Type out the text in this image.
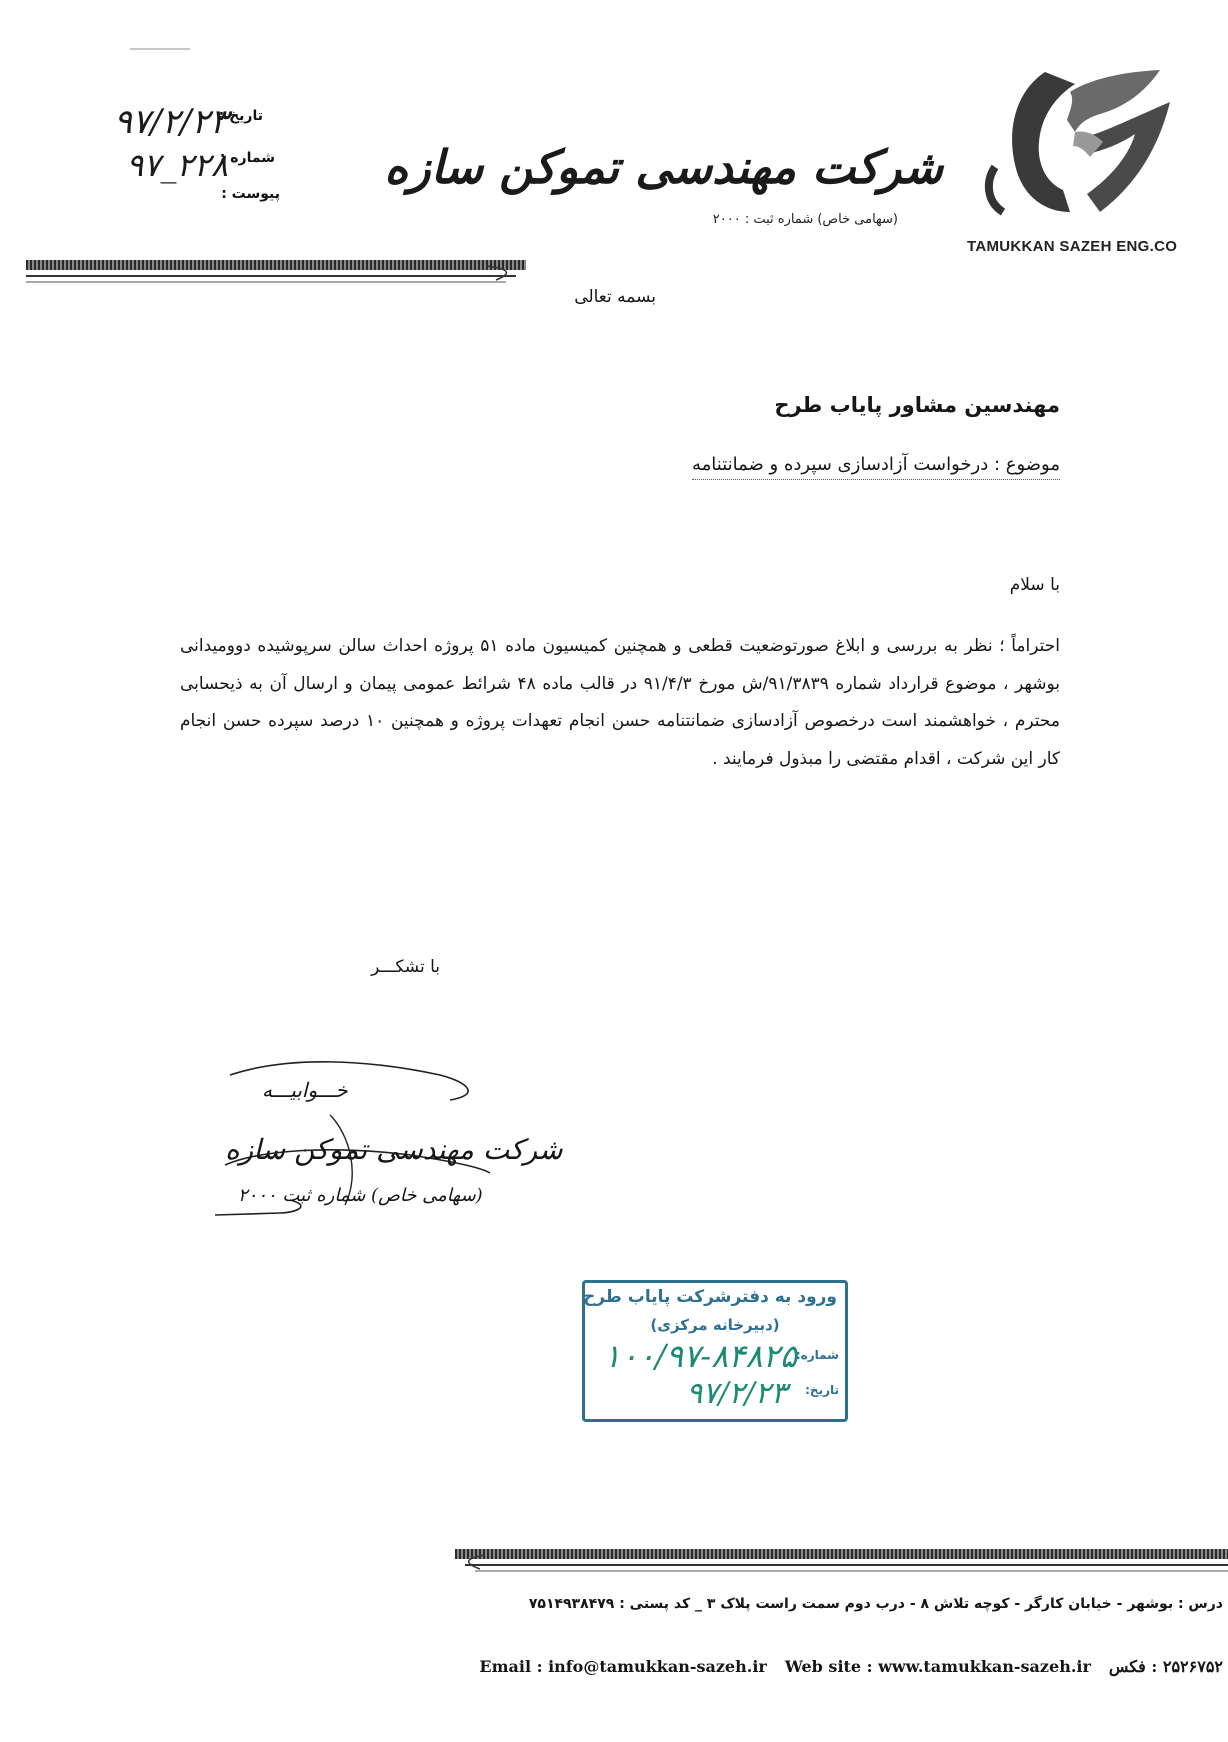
شرکت مهندسی تموکن سازه
(سهامی خاص) شماره ثبت : ۲۰۰۰
TAMUKKAN SAZEH ENG.CO
تاریخ :
۹۷/۲/۲۳
شماره :
۹۷_۲۲۸
پیوست :
بسمه تعالی
مهندسین مشاور پایاب طرح
موضوع : درخواست آزادسازی سپرده و ضمانتنامه
با سلام
احتراماً ؛ نظر به بررسی و ابلاغ صورتوضعیت قطعی و همچنین کمیسیون ماده ۵۱ پروژه احداث سالن سرپوشیده دوومیدانی بوشهر ، موضوع قرارداد شماره ۹۱/۳۸۳۹/ش مورخ ۹۱/۴/۳ در قالب ماده ۴۸ شرائط عمومی پیمان و ارسال آن به ذیحسابی محترم ، خواهشمند است درخصوص آزادسازی ضمانتنامه حسن انجام تعهدات پروژه و همچنین ۱۰ درصد سپرده حسن انجام کار این شرکت ، اقدام مقتضی را مبذول فرمایند .
با تشکـــر
خـــوابیـــه
شرکت مهندسی تموکن سازه
(سهامی خاص) شماره ثبت ۲۰۰۰
ورود به دفترشرکت پایاب طرح
(دبیرخانه مرکزی)
شماره:
۱۰۰/۹۷-۸۴۸۲۵
تاریخ:
۹۷/۲/۲۳
درس : بوشهر - خیابان کارگر - کوچه تلاش ۸ - درب دوم سمت راست پلاک ۳ _ کد پستی : ۷۵۱۴۹۳۸۴۷۹
Email : info@tamukkan-sazeh.ir Web site : www.tamukkan-sazeh.ir ۲۵۲۶۷۵۲ : فکس
